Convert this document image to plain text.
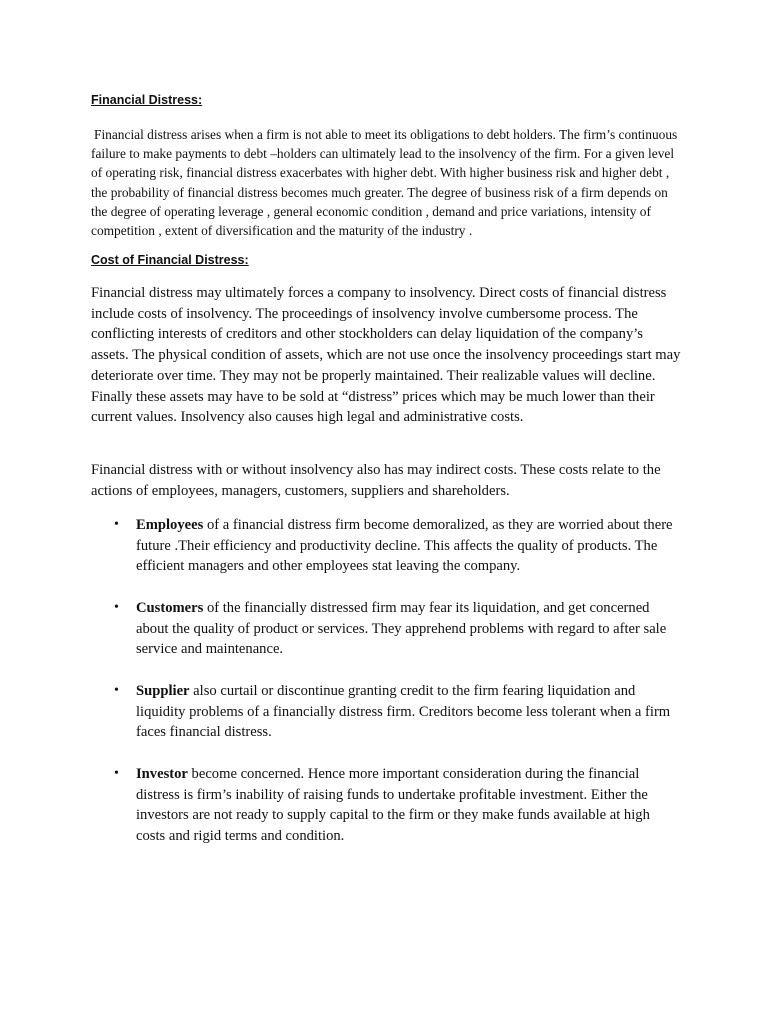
Financial Distress:
Financial distress arises when a firm is not able to meet its obligations to debt holders. The firm’s continuous failure to make payments to debt –holders can ultimately lead to the insolvency of the firm. For a given level of operating risk, financial distress exacerbates with higher debt. With higher business risk and higher debt , the probability of financial distress becomes much greater. The degree of business risk of a firm depends on the degree of operating leverage , general economic condition , demand and price variations, intensity of competition , extent of diversification and the maturity of the industry .
Cost of Financial Distress:
Financial distress may ultimately forces a company to insolvency. Direct costs of financial distress include costs of insolvency. The proceedings of insolvency involve cumbersome process. The conflicting interests of creditors and other stockholders can delay liquidation of the company’s assets. The physical condition of assets, which are not use once the insolvency proceedings start may deteriorate over time. They may not be properly maintained. Their realizable values will decline. Finally these assets may have to be sold at “distress” prices which may be much lower than their current values. Insolvency also causes high legal and administrative costs.
Financial distress with or without insolvency also has may indirect costs. These costs relate to the actions of employees, managers, customers, suppliers and shareholders.
• Employees of a financial distress firm become demoralized, as they are worried about there future .Their efficiency and productivity decline. This affects the quality of products. The efficient managers and other employees stat leaving the company.
• Customers of the financially distressed firm may fear its liquidation, and get concerned about the quality of product or services. They apprehend problems with regard to after sale service and maintenance.
• Supplier also curtail or discontinue granting credit to the firm fearing liquidation and liquidity problems of a financially distress firm. Creditors become less tolerant when a firm faces financial distress.
• Investor become concerned. Hence more important consideration during the financial distress is firm’s inability of raising funds to undertake profitable investment. Either the investors are not ready to supply capital to the firm or they make funds available at high costs and rigid terms and condition.
